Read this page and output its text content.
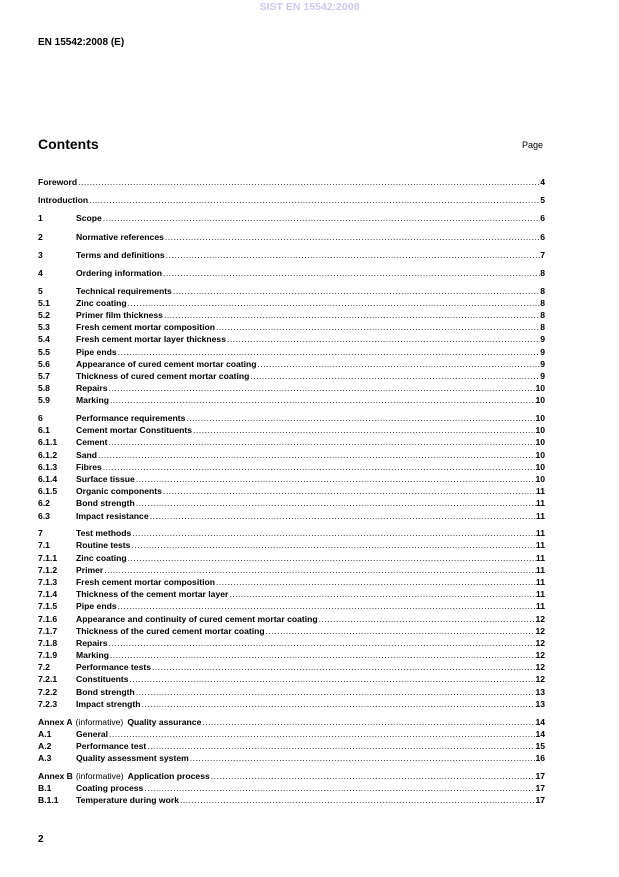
SIST EN 15542:2008
EN 15542:2008 (E)
Contents	Page
Foreword .....	4
Introduction .....	5
1	Scope .....	6
2	Normative references .....	6
3	Terms and definitions .....	7
4	Ordering information .....	8
5	Technical requirements .....	8
5.1	Zinc coating .....	8
5.2	Primer film thickness .....	8
5.3	Fresh cement mortar composition .....	8
5.4	Fresh cement mortar layer thickness .....	9
5.5	Pipe ends .....	9
5.6	Appearance of cured cement mortar coating .....	9
5.7	Thickness of cured cement mortar coating .....	9
5.8	Repairs .....	10
5.9	Marking .....	10
6	Performance requirements .....	10
6.1	Cement mortar Constituents .....	10
6.1.1	Cement .....	10
6.1.2	Sand .....	10
6.1.3	Fibres .....	10
6.1.4	Surface tissue .....	10
6.1.5	Organic components .....	11
6.2	Bond strength .....	11
6.3	Impact resistance .....	11
7	Test methods .....	11
7.1	Routine tests .....	11
7.1.1	Zinc coating .....	11
7.1.2	Primer .....	11
7.1.3	Fresh cement mortar composition .....	11
7.1.4	Thickness of the cement mortar layer .....	11
7.1.5	Pipe ends .....	11
7.1.6	Appearance and continuity of cured cement mortar coating .....	12
7.1.7	Thickness of the cured cement mortar coating .....	12
7.1.8	Repairs .....	12
7.1.9	Marking .....	12
7.2	Performance tests .....	12
7.2.1	Constituents .....	12
7.2.2	Bond strength .....	13
7.2.3	Impact strength .....	13
Annex A (informative) Quality assurance .....	14
A.1	General .....	14
A.2	Performance test .....	15
A.3	Quality assessment system .....	16
Annex B (informative) Application process .....	17
B.1	Coating process .....	17
B.1.1	Temperature during work .....	17
2
